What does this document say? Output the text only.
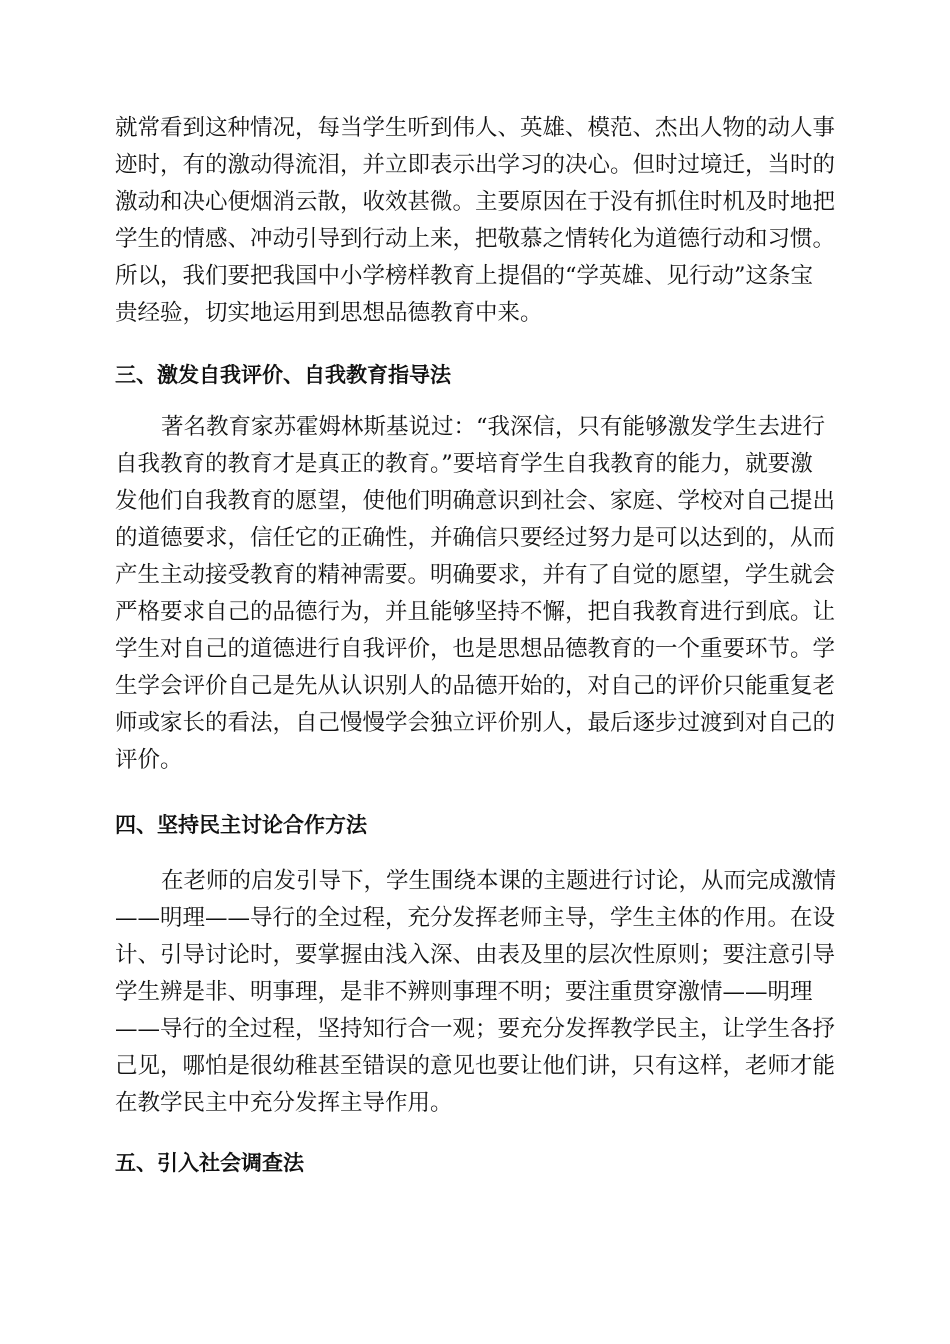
就常看到这种情况，每当学生听到伟人、英雄、模范、杰出人物的动人事
迹时，有的激动得流泪，并立即表示出学习的决心。但时过境迁，当时的
激动和决心便烟消云散，收效甚微。主要原因在于没有抓住时机及时地把
学生的情感、冲动引导到行动上来，把敬慕之情转化为道德行动和习惯。
所以，我们要把我国中小学榜样教育上提倡的“学英雄、见行动”这条宝
贵经验，切实地运用到思想品德教育中来。
三、激发自我评价、自我教育指导法
著名教育家苏霍姆林斯基说过：“我深信，只有能够激发学生去进行
自我教育的教育才是真正的教育。”要培育学生自我教育的能力，就要激
发他们自我教育的愿望，使他们明确意识到社会、家庭、学校对自己提出
的道德要求，信任它的正确性，并确信只要经过努力是可以达到的，从而
产生主动接受教育的精神需要。明确要求，并有了自觉的愿望，学生就会
严格要求自己的品德行为，并且能够坚持不懈，把自我教育进行到底。让
学生对自己的道德进行自我评价，也是思想品德教育的一个重要环节。学
生学会评价自己是先从认识别人的品德开始的，对自己的评价只能重复老
师或家长的看法，自己慢慢学会独立评价别人，最后逐步过渡到对自己的
评价。
四、坚持民主讨论合作方法
在老师的启发引导下，学生围绕本课的主题进行讨论，从而完成激情
——明理——导行的全过程，充分发挥老师主导，学生主体的作用。在设
计、引导讨论时，要掌握由浅入深、由表及里的层次性原则；要注意引导
学生辨是非、明事理，是非不辨则事理不明；要注重贯穿激情——明理
——导行的全过程，坚持知行合一观；要充分发挥教学民主，让学生各抒
己见，哪怕是很幼稚甚至错误的意见也要让他们讲，只有这样，老师才能
在教学民主中充分发挥主导作用。
五、引入社会调查法
